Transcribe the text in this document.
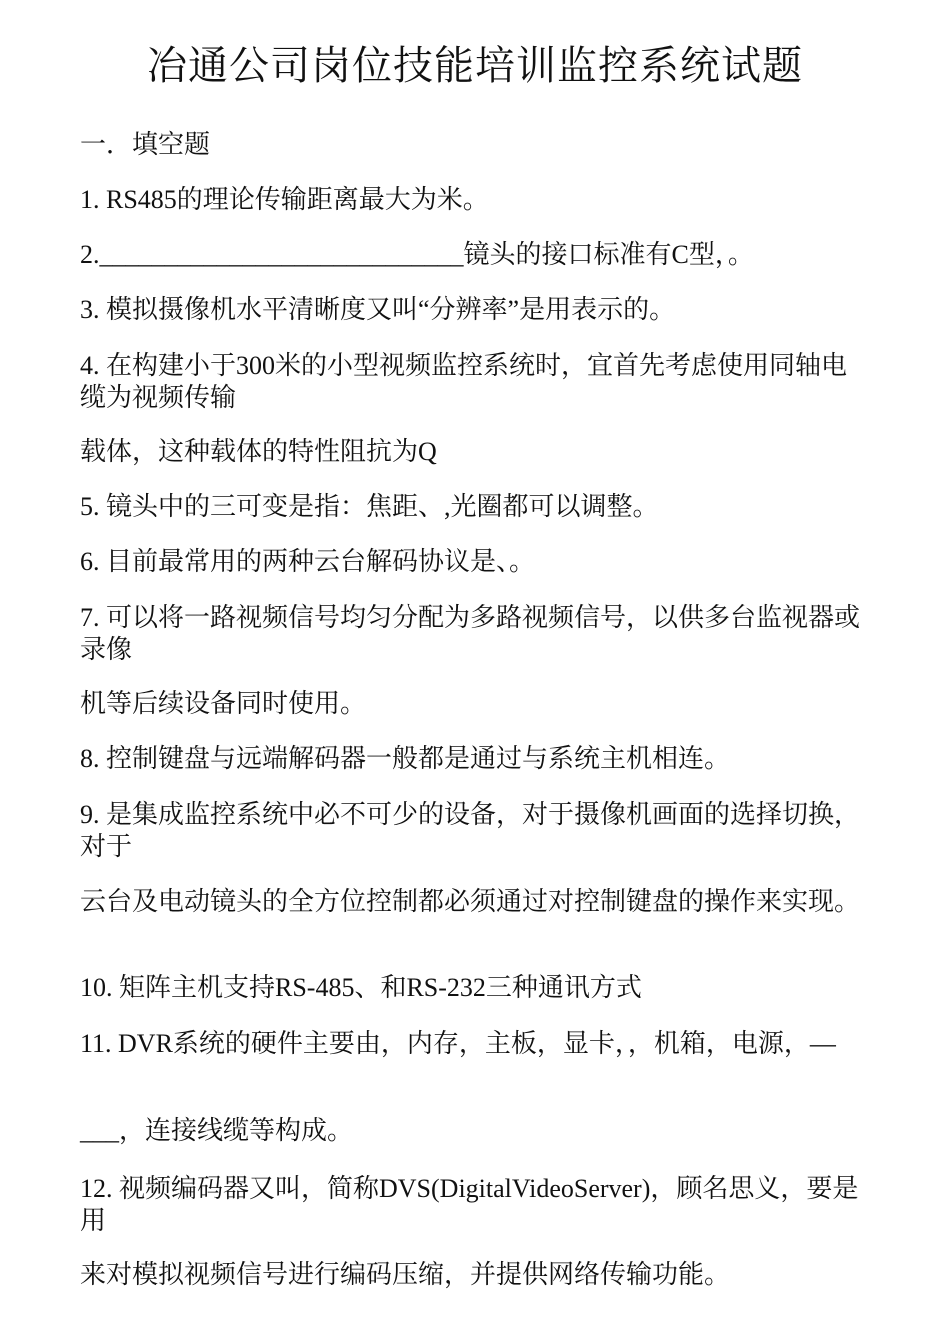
冶通公司岗位技能培训监控系统试题
一．填空题
1. RS485的理论传输距离最大为米。
2.____________________________镜头的接口标准有C型，。
3. 模拟摄像机水平清晰度又叫“分辨率”是用表示的。
4. 在构建小于300米的小型视频监控系统时，宜首先考虑使用同轴电缆为视频传输
载体，这种载体的特性阻抗为Q
5. 镜头中的三可变是指：焦距、,光圈都可以调整。
6. 目前最常用的两种云台解码协议是、。
7. 可以将一路视频信号均匀分配为多路视频信号，以供多台监视器或录像
机等后续设备同时使用。
8. 控制键盘与远端解码器一般都是通过与系统主机相连。
9. 是集成监控系统中必不可少的设备，对于摄像机画面的选择切换，对于
云台及电动镜头的全方位控制都必须通过对控制键盘的操作来实现。
10. 矩阵主机支持RS-485、和RS-232三种通讯方式
11. DVR系统的硬件主要由，内存，主板，显卡，，机箱，电源，—
___，连接线缆等构成。
12. 视频编码器又叫，简称DVS(DigitalVideoServer)，顾名思义，要是用
来对模拟视频信号进行编码压缩，并提供网络传输功能。
